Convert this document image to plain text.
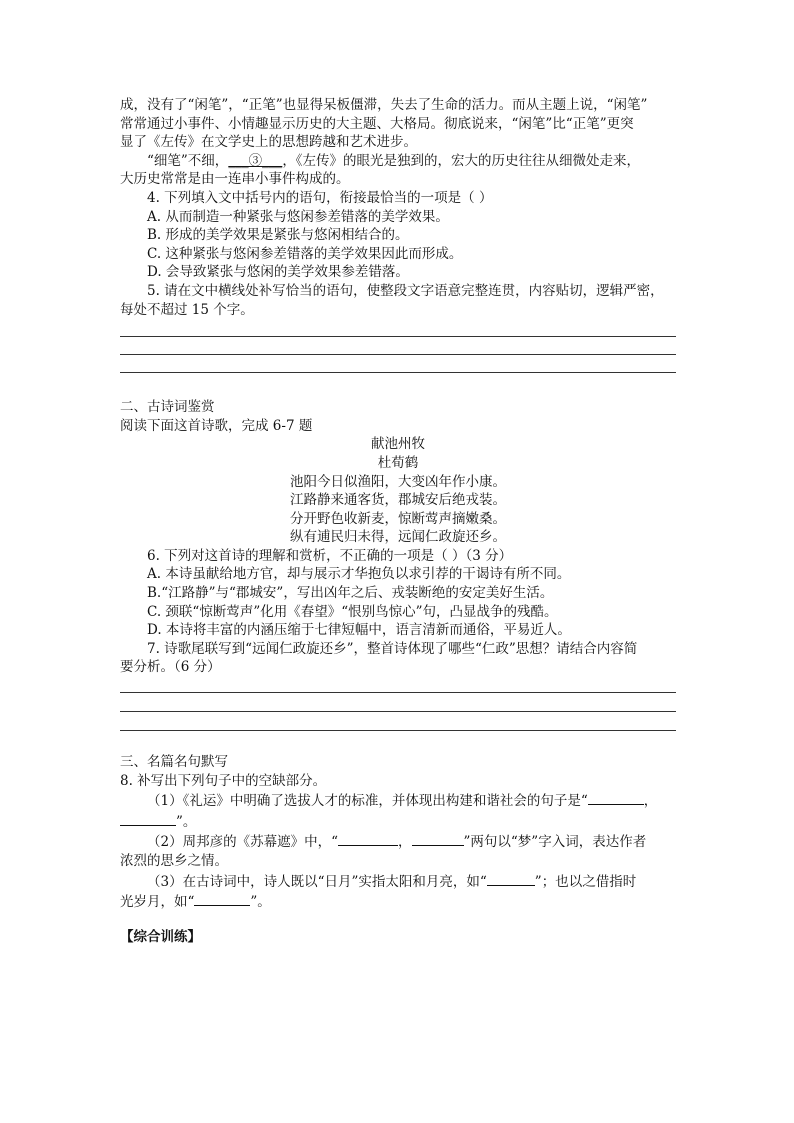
成，没有了“闲笔”，“正笔”也显得呆板僵滞，失去了生命的活力。而从主题上说，“闲笔”

常常通过小事件、小情趣显示历史的大主题、大格局。彻底说来，“闲笔”比“正笔”更突

显了《左传》在文学史上的思想跨越和艺术进步。

“细笔”不细，___③___，《左传》的眼光是独到的，宏大的历史往往从细微处走来，

大历史常常是由一连串小事件构成的。

4. 下列填入文中括号内的语句，衔接最恰当的一项是（ ）

A. 从而制造一种紧张与悠闲参差错落的美学效果。

B. 形成的美学效果是紧张与悠闲相结合的。

C. 这种紧张与悠闲参差错落的美学效果因此而形成。

D. 会导致紧张与悠闲的美学效果参差错落。

5. 请在文中横线处补写恰当的语句，使整段文字语意完整连贯，内容贴切，逻辑严密，

每处不超过 15 个字。

二、古诗词鉴赏

阅读下面这首诗歌，完成 6-7 题

献池州牧

杜荀鹤

池阳今日似渔阳，大变凶年作小康。

江路静来通客货，郡城安后绝戎装。

分开野色收新麦，惊断莺声摘嫩桑。

纵有逋民归未得，远闻仁政旋还乡。

6. 下列对这首诗的理解和赏析，不正确的一项是（ ）（3 分）

A. 本诗虽献给地方官，却与展示才华抱负以求引荐的干谒诗有所不同。

B.“江路静”与“郡城安”，写出凶年之后、戎装断绝的安定美好生活。

C. 颈联“惊断莺声”化用《春望》“恨别鸟惊心”句，凸显战争的残酷。

D. 本诗将丰富的内涵压缩于七律短幅中，语言清新而通俗，平易近人。

7. 诗歌尾联写到“远闻仁政旋还乡”，整首诗体现了哪些“仁政”思想？请结合内容简

要分析。（6 分）

三、名篇名句默写

8. 补写出下列句子中的空缺部分。

（1）《礼运》中明确了选拔人才的标准，并体现出构建和谐社会的句子是“	，

”。

（2）周邦彦的《苏幕遮》中，“	，	”两句以“梦”字入词，表达作者

浓烈的思乡之情。

（3）在古诗词中，诗人既以“日月”实指太阳和月亮，如“	”；也以之借指时

光岁月，如“	”。

【综合训练】
